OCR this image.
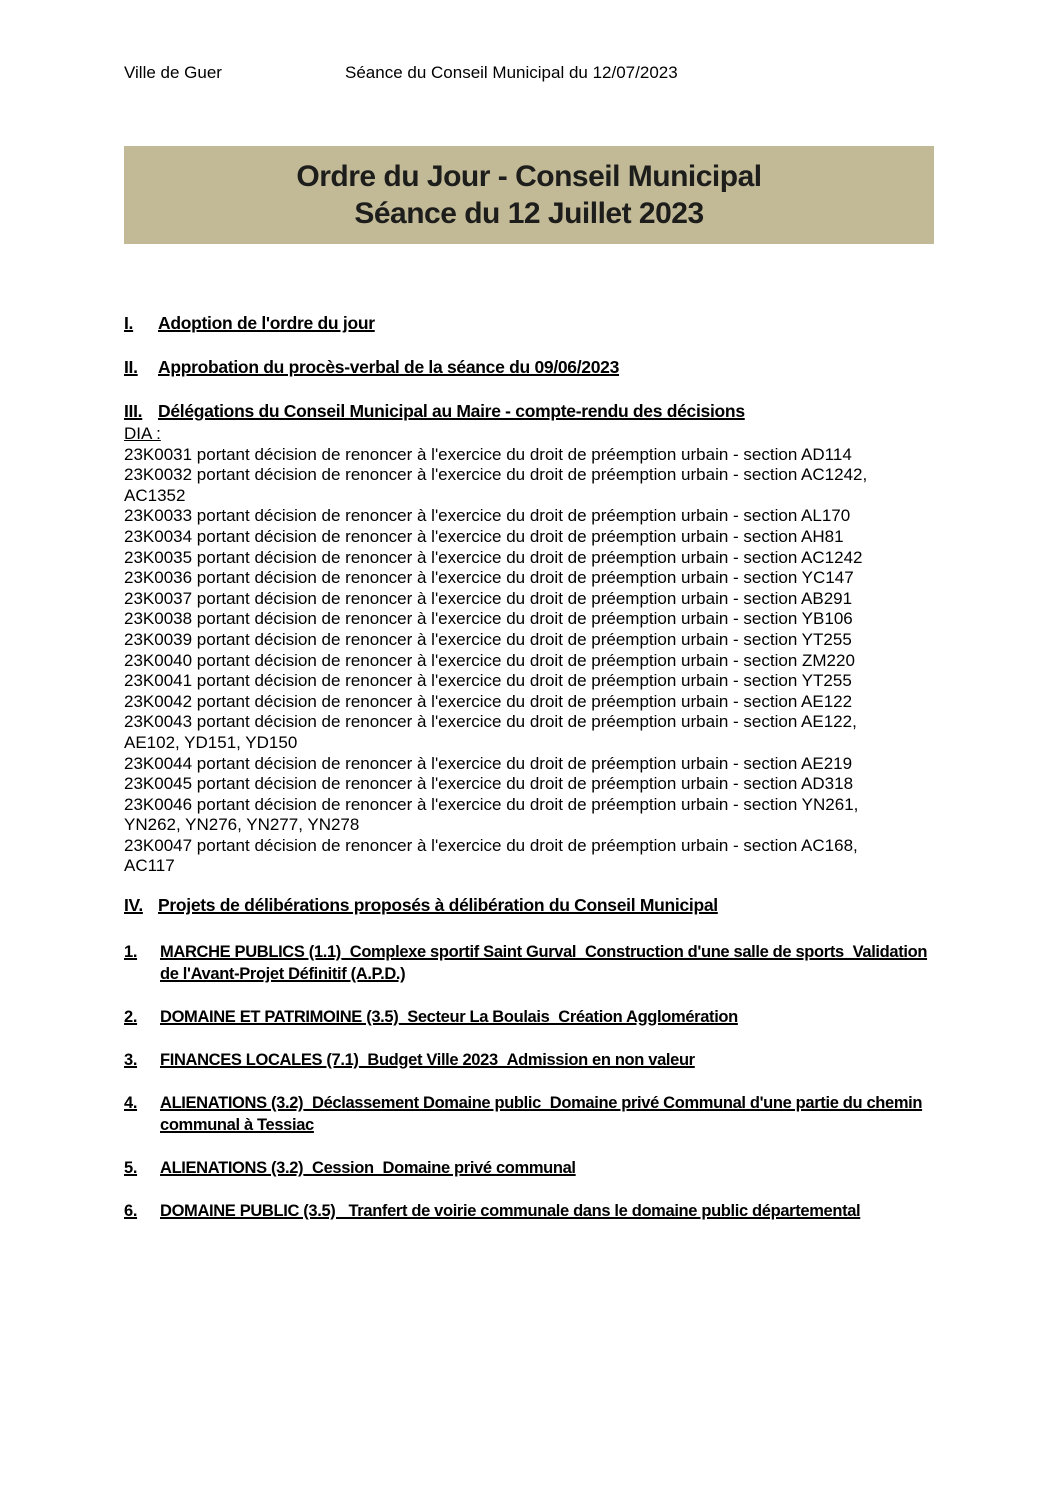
Ville de Guer	Séance du Conseil Municipal du 12/07/2023
Ordre du Jour - Conseil Municipal
Séance du 12 Juillet 2023
I.	Adoption de l'ordre du jour
II.	Approbation du procès-verbal de la séance du 09/06/2023
III. Délégations du Conseil Municipal au Maire - compte-rendu des décisions
DIA :
23K0031 portant décision de renoncer à l'exercice du droit de préemption urbain - section AD114
23K0032 portant décision de renoncer à l'exercice du droit de préemption urbain - section AC1242,
AC1352
23K0033 portant décision de renoncer à l'exercice du droit de préemption urbain - section AL170
23K0034 portant décision de renoncer à l'exercice du droit de préemption urbain - section AH81
23K0035 portant décision de renoncer à l'exercice du droit de préemption urbain - section AC1242
23K0036 portant décision de renoncer à l'exercice du droit de préemption urbain - section YC147
23K0037 portant décision de renoncer à l'exercice du droit de préemption urbain - section AB291
23K0038 portant décision de renoncer à l'exercice du droit de préemption urbain - section YB106
23K0039 portant décision de renoncer à l'exercice du droit de préemption urbain - section YT255
23K0040 portant décision de renoncer à l'exercice du droit de préemption urbain - section ZM220
23K0041 portant décision de renoncer à l'exercice du droit de préemption urbain - section YT255
23K0042 portant décision de renoncer à l'exercice du droit de préemption urbain - section AE122
23K0043 portant décision de renoncer à l'exercice du droit de préemption urbain - section AE122,
AE102, YD151, YD150
23K0044 portant décision de renoncer à l'exercice du droit de préemption urbain - section AE219
23K0045 portant décision de renoncer à l'exercice du droit de préemption urbain - section AD318
23K0046 portant décision de renoncer à l'exercice du droit de préemption urbain - section YN261,
YN262, YN276, YN277, YN278
23K0047 portant décision de renoncer à l'exercice du droit de préemption urbain - section AC168,
AC117
IV. Projets de délibérations proposés à délibération du Conseil Municipal
1.	MARCHE PUBLICS (1.1)_Complexe sportif Saint Gurval_Construction d'une salle de sports_Validation
de l'Avant-Projet Définitif (A.P.D.)
2.	DOMAINE ET PATRIMOINE (3.5)_Secteur La Boulais_Création Agglomération
3.	FINANCES LOCALES (7.1)_Budget Ville 2023_Admission en non valeur
4.	ALIENATIONS (3.2)_Déclassement Domaine public_Domaine privé Communal d'une partie du chemin
communal à Tessiac
5.	ALIENATIONS (3.2)_Cession_Domaine privé communal
6.	DOMAINE PUBLIC (3.5) _Tranfert de voirie communale dans le domaine public départemental
